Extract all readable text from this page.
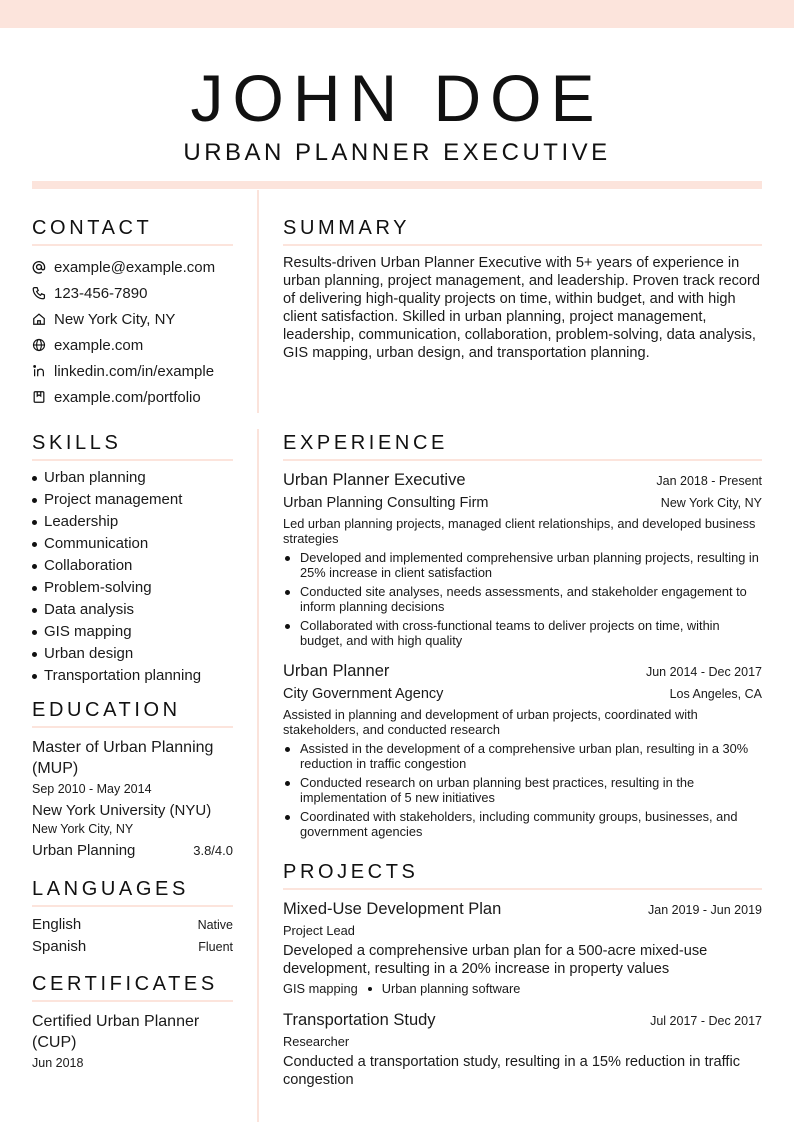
JOHN DOE
URBAN PLANNER EXECUTIVE
CONTACT
example@example.com
123-456-7890
New York City, NY
example.com
linkedin.com/in/example
example.com/portfolio
SUMMARY

Results-driven Urban Planner Executive with 5+ years of experience in urban planning, project management, and leadership. Proven track record of delivering high-quality projects on time, within budget, and with high client satisfaction. Skilled in urban planning, project management, leadership, communication, collaboration, problem-solving, data analysis, GIS mapping, urban design, and transportation planning.

SKILLS
Urban planning
Project management
Leadership
Communication
Collaboration
Problem-solving
Data analysis
GIS mapping
Urban design
Transportation planning
EDUCATION
Master of Urban Planning (MUP)
Sep 2010 - May 2014
New York University (NYU)
New York City, NY
Urban Planning	3.8/4.0
LANGUAGES
English	Native
Spanish	Fluent
CERTIFICATES
Certified Urban Planner (CUP)
Jun 2018
EXPERIENCE
Urban Planner Executive	Jan 2018 - Present
Urban Planning Consulting Firm	New York City, NY
Led urban planning projects, managed client relationships, and developed business strategies
Developed and implemented comprehensive urban planning projects, resulting in 25% increase in client satisfaction
Conducted site analyses, needs assessments, and stakeholder engagement to inform planning decisions
Collaborated with cross-functional teams to deliver projects on time, within budget, and with high quality
Urban Planner	Jun 2014 - Dec 2017
City Government Agency	Los Angeles, CA
Assisted in planning and development of urban projects, coordinated with stakeholders, and conducted research
Assisted in the development of a comprehensive urban plan, resulting in a 30% reduction in traffic congestion
Conducted research on urban planning best practices, resulting in the implementation of 5 new initiatives
Coordinated with stakeholders, including community groups, businesses, and government agencies
PROJECTS
Mixed-Use Development Plan	Jan 2019 - Jun 2019
Project Lead
Developed a comprehensive urban plan for a 500-acre mixed-use development, resulting in a 20% increase in property values
GIS mapping Urban planning software
Transportation Study	Jul 2017 - Dec 2017
Researcher
Conducted a transportation study, resulting in a 15% reduction in traffic congestion
